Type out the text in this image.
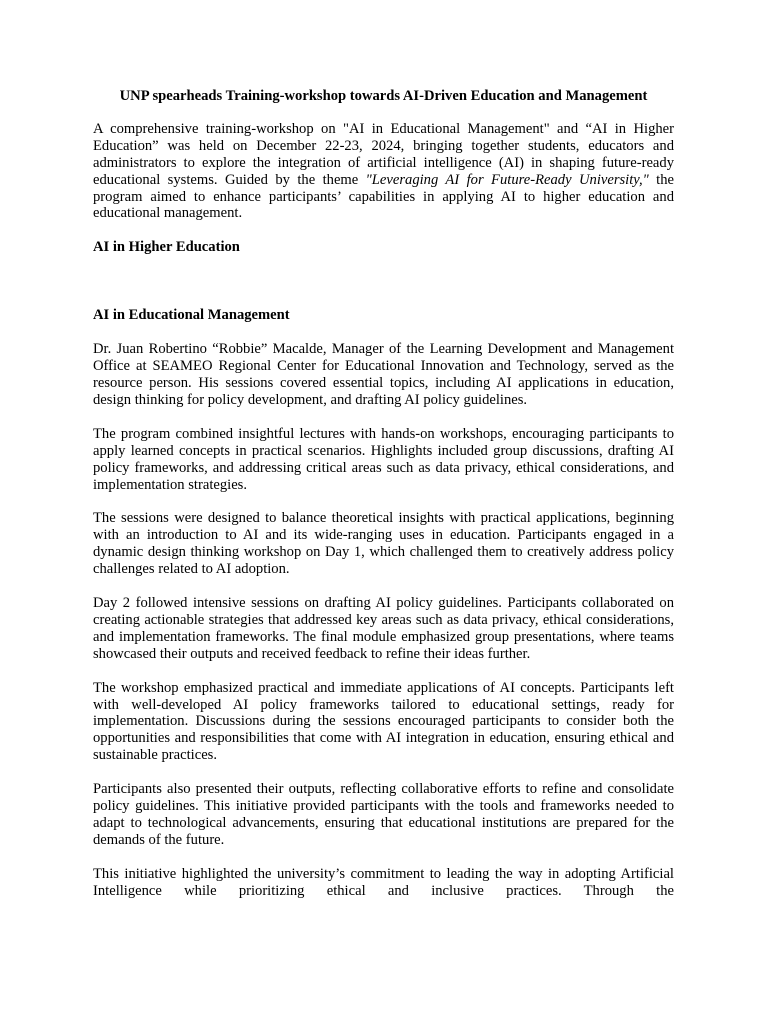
UNP spearheads Training-workshop towards AI-Driven Education and Management

A comprehensive training-workshop on "AI in Educational Management" and “AI in Higher Education” was held on December 22-23, 2024, bringing together students, educators and administrators to explore the integration of artificial intelligence (AI) in shaping future-ready educational systems. Guided by the theme "Leveraging AI for Future-Ready University," the program aimed to enhance participants’ capabilities in applying AI to higher education and educational management.

AI in Higher Education
AI in Educational Management

Dr. Juan Robertino “Robbie” Macalde, Manager of the Learning Development and Management Office at SEAMEO Regional Center for Educational Innovation and Technology, served as the resource person. His sessions covered essential topics, including AI applications in education, design thinking for policy development, and drafting AI policy guidelines.

The program combined insightful lectures with hands-on workshops, encouraging participants to apply learned concepts in practical scenarios. Highlights included group discussions, drafting AI policy frameworks, and addressing critical areas such as data privacy, ethical considerations, and implementation strategies.

The sessions were designed to balance theoretical insights with practical applications, beginning with an introduction to AI and its wide-ranging uses in education. Participants engaged in a dynamic design thinking workshop on Day 1, which challenged them to creatively address policy challenges related to AI adoption.

Day 2 followed intensive sessions on drafting AI policy guidelines. Participants collaborated on creating actionable strategies that addressed key areas such as data privacy, ethical considerations, and implementation frameworks. The final module emphasized group presentations, where teams showcased their outputs and received feedback to refine their ideas further.

The workshop emphasized practical and immediate applications of AI concepts. Participants left with well-developed AI policy frameworks tailored to educational settings, ready for implementation. Discussions during the sessions encouraged participants to consider both the opportunities and responsibilities that come with AI integration in education, ensuring ethical and sustainable practices.

Participants also presented their outputs, reflecting collaborative efforts to refine and consolidate policy guidelines. This initiative provided participants with the tools and frameworks needed to adapt to technological advancements, ensuring that educational institutions are prepared for the demands of the future.

This initiative highlighted the university’s commitment to leading the way in adopting Artificial Intelligence while prioritizing ethical and inclusive practices. Through the
